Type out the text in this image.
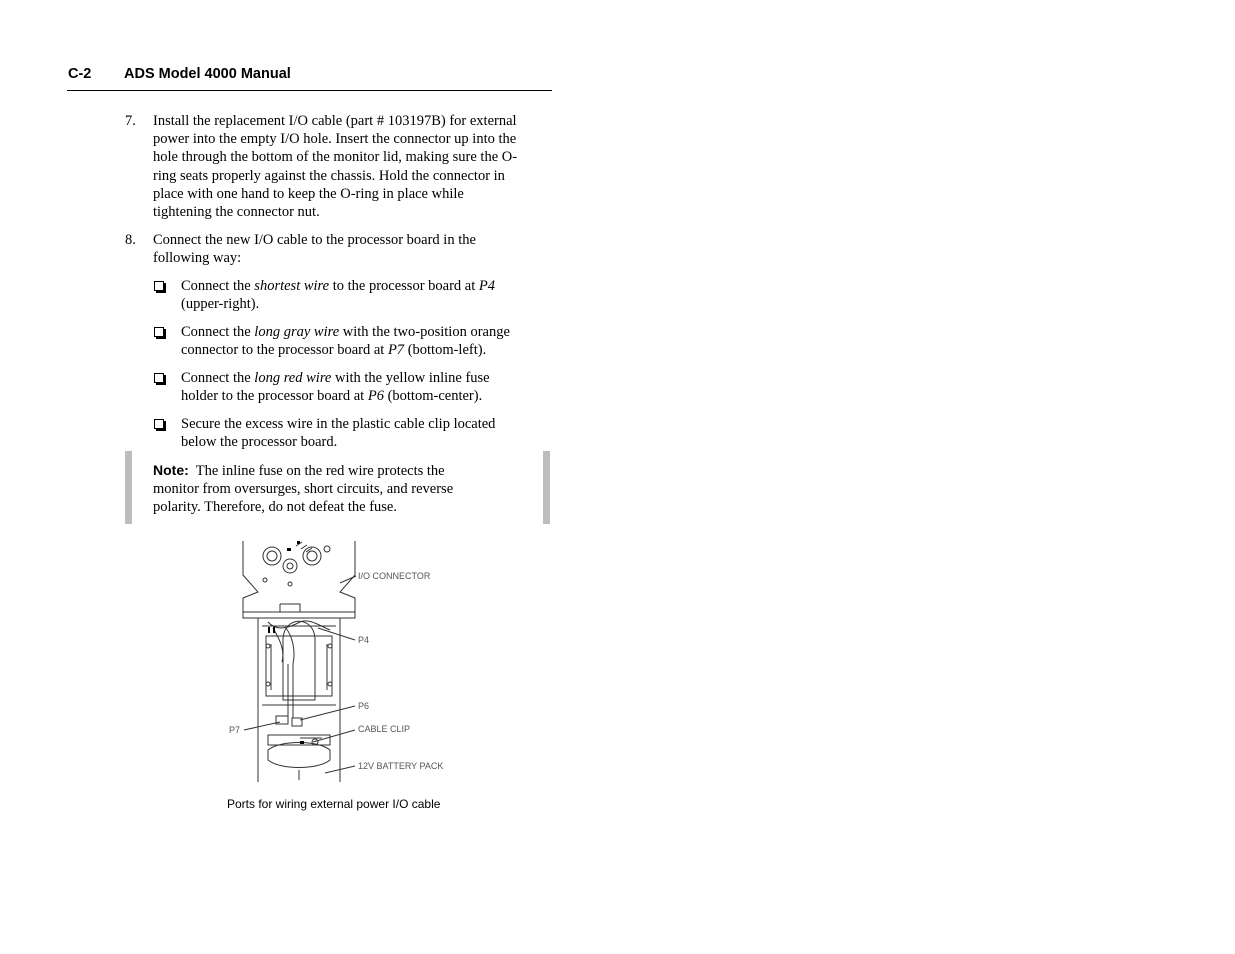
C-2 ADS Model 4000 Manual
7. Install the replacement I/O cable (part # 103197B) for external
power into the empty I/O hole. Insert the connector up into the
hole through the bottom of the monitor lid, making sure the O-
ring seats properly against the chassis. Hold the connector in
place with one hand to keep the O-ring in place while
tightening the connector nut.
8. Connect the new I/O cable to the processor board in the
following way:
Connect the shortest wire to the processor board at P4
(upper-right).
Connect the long gray wire with the two-position orange
connector to the processor board at P7 (bottom-left).
Connect the long red wire with the yellow inline fuse
holder to the processor board at P6 (bottom-center).
Secure the excess wire in the plastic cable clip located
below the processor board.
Note:  The inline fuse on the red wire protects the
monitor from oversurges, short circuits, and reverse
polarity. Therefore, do not defeat the fuse.
I/O CONNECTOR
P4
P6
P7	CABLE CLIP
12V BATTERY PACK
Ports for wiring external power I/O cable
